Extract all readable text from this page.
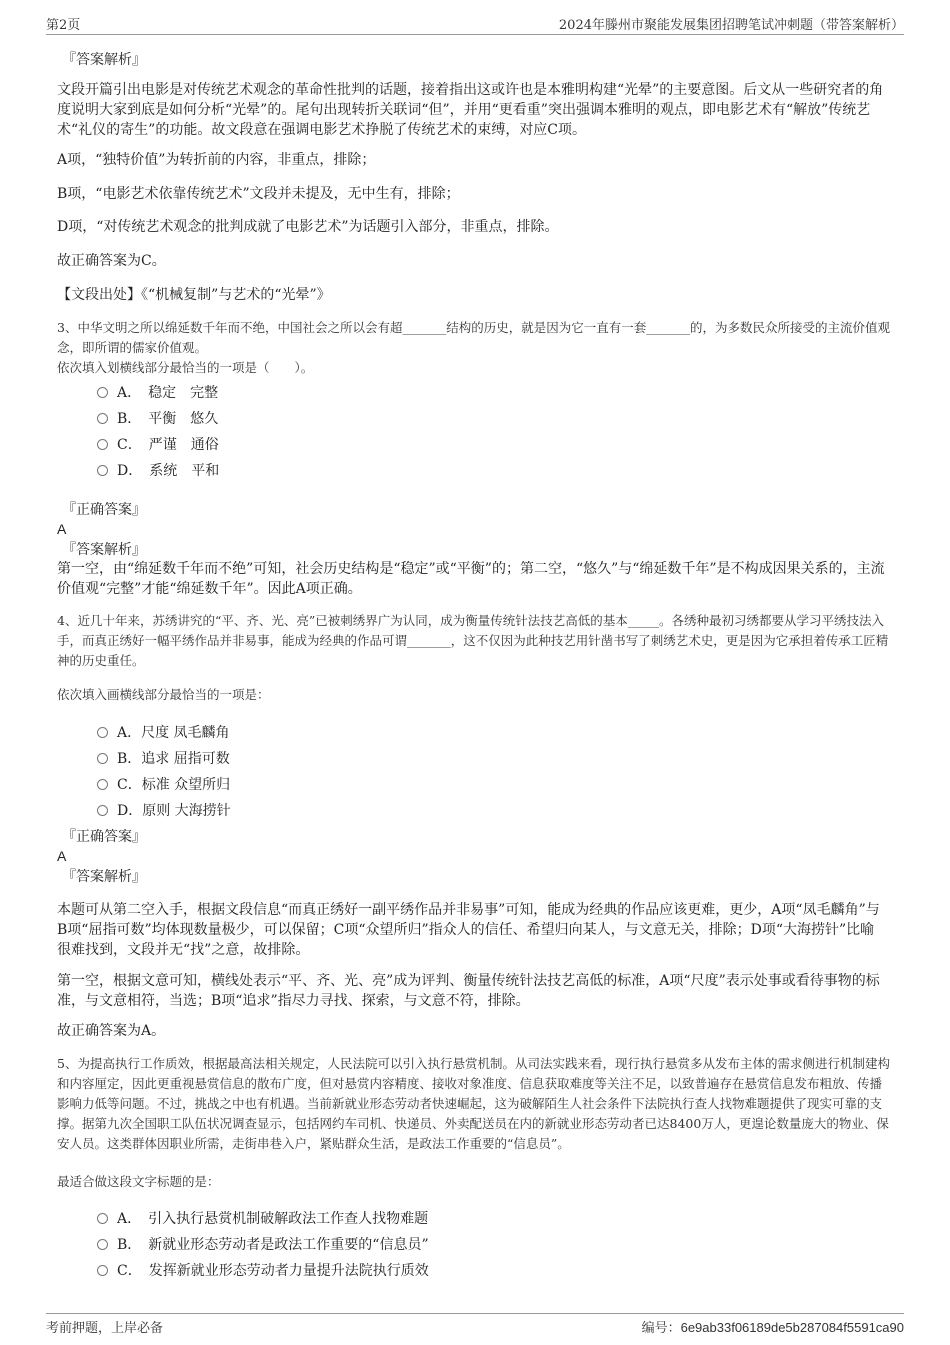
第2页	2024年滕州市聚能发展集团招聘笔试冲刺题（带答案解析）
『答案解析』
文段开篇引出电影是对传统艺术观念的革命性批判的话题，接着指出这或许也是本雅明构建“光晕”的主要意图。后文从一些研究者的角度说明大家到底是如何分析“光晕”的。尾句出现转折关联词“但”，并用“更看重”突出强调本雅明的观点，即电影艺术有“解放”传统艺术“礼仪的寄生”的功能。故文段意在强调电影艺术挣脱了传统艺术的束缚，对应C项。
A项，“独特价值”为转折前的内容，非重点，排除；
B项，“电影艺术依靠传统艺术”文段并未提及，无中生有，排除；
D项，“对传统艺术观念的批判成就了电影艺术”为话题引入部分，非重点，排除。
故正确答案为C。
【文段出处】《“机械复制”与艺术的“光晕”》
3、中华文明之所以绵延数千年而不绝，中国社会之所以会有超_______结构的历史，就是因为它一直有一套_______的，为多数民众所接受的主流价值观念，即所谓的儒家价值观。
依次填入划横线部分最恰当的一项是（　　）。
A．　稳定　完整
B．　平衡　悠久
C．　严谨　通俗
D．　系统　平和
『正确答案』
A
『答案解析』
第一空，由“绵延数千年而不绝”可知，社会历史结构是“稳定”或“平衡”的；第二空，“悠久”与“绵延数千年”是不构成因果关系的，主流价值观“完整”才能“绵延数千年”。因此A项正确。
4、近几十年来，苏绣讲究的“平、齐、光、亮”已被刺绣界广为认同，成为衡量传统针法技艺高低的基本_____。各绣种最初习绣都要从学习平绣技法入手，而真正绣好一幅平绣作品并非易事，能成为经典的作品可谓_______，这不仅因为此种技艺用针凿书写了刺绣艺术史，更是因为它承担着传承工匠精神的历史重任。
依次填入画横线部分最恰当的一项是：
A．尺度 凤毛麟角
B．追求 屈指可数
C．标准 众望所归
D．原则 大海捞针
『正确答案』
A
『答案解析』
本题可从第二空入手，根据文段信息“而真正绣好一副平绣作品并非易事”可知，能成为经典的作品应该更难，更少，A项“凤毛麟角”与B项“屈指可数”均体现数量极少，可以保留；C项“众望所归”指众人的信任、希望归向某人，与文意无关，排除；D项“大海捞针”比喻很难找到，文段并无“找”之意，故排除。
第一空，根据文意可知，横线处表示“平、齐、光、亮”成为评判、衡量传统针法技艺高低的标准，A项“尺度”表示处事或看待事物的标准，与文意相符，当选；B项“追求”指尽力寻找、探索，与文意不符，排除。
故正确答案为A。
5、为提高执行工作质效，根据最高法相关规定，人民法院可以引入执行悬赏机制。从司法实践来看，现行执行悬赏多从发布主体的需求侧进行机制建构和内容厘定，因此更重视悬赏信息的散布广度，但对悬赏内容精度、接收对象准度、信息获取难度等关注不足，以致普遍存在悬赏信息发布粗放、传播影响力低等问题。不过，挑战之中也有机遇。当前新就业形态劳动者快速崛起，这为破解陌生人社会条件下法院执行查人找物难题提供了现实可靠的支撑。据第九次全国职工队伍状况调查显示，包括网约车司机、快递员、外卖配送员在内的新就业形态劳动者已达8400万人，更遑论数量庞大的物业、保安人员。这类群体因职业所需，走街串巷入户，紧贴群众生活，是政法工作重要的“信息员”。
最适合做这段文字标题的是：
A．　引入执行悬赏机制破解政法工作查人找物难题
B．　新就业形态劳动者是政法工作重要的“信息员”
C．　发挥新就业形态劳动者力量提升法院执行质效
考前押题，上岸必备	编号：6e9ab33f06189de5b287084f5591ca90
